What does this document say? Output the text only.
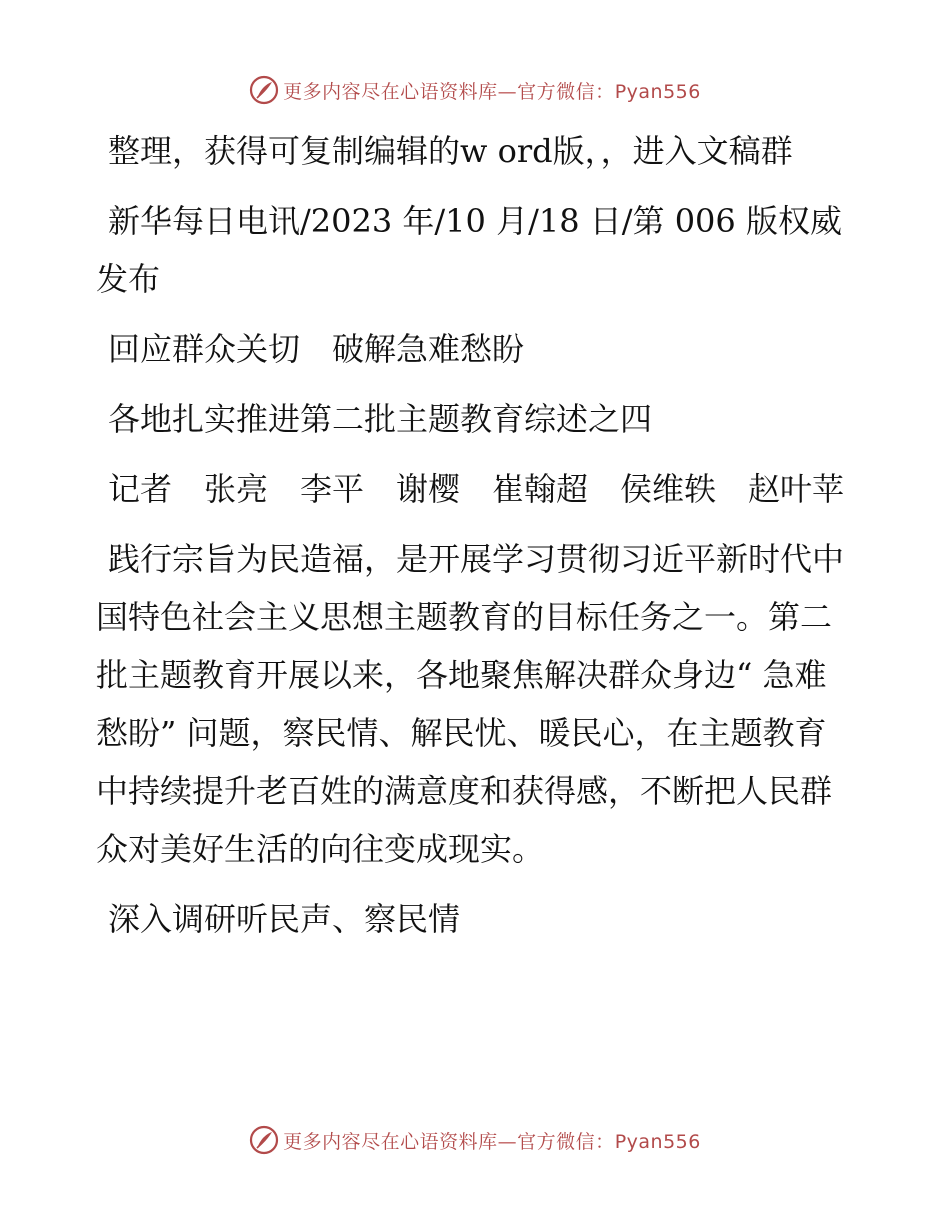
更多内容尽在心语资料库—官方微信：Pyan556

整理，获得可复制编辑的w ord版，，进入文稿群

新华每日电讯/2023 年/10 月/18 日/第 006 版权威发布

回应群众关切　破解急难愁盼

各地扎实推进第二批主题教育综述之四

记者　张亮　李平　谢樱　崔翰超　侯维轶　赵叶苹

践行宗旨为民造福，是开展学习贯彻习近平新时代中国特色社会主义思想主题教育的目标任务之一。第二批主题教育开展以来，各地聚焦解决群众身边“ 急难愁盼” 问题，察民情、解民忧、暖民心，在主题教育中持续提升老百姓的满意度和获得感，不断把人民群众对美好生活的向往变成现实。

深入调研听民声、察民情

更多内容尽在心语资料库—官方微信：Pyan556
